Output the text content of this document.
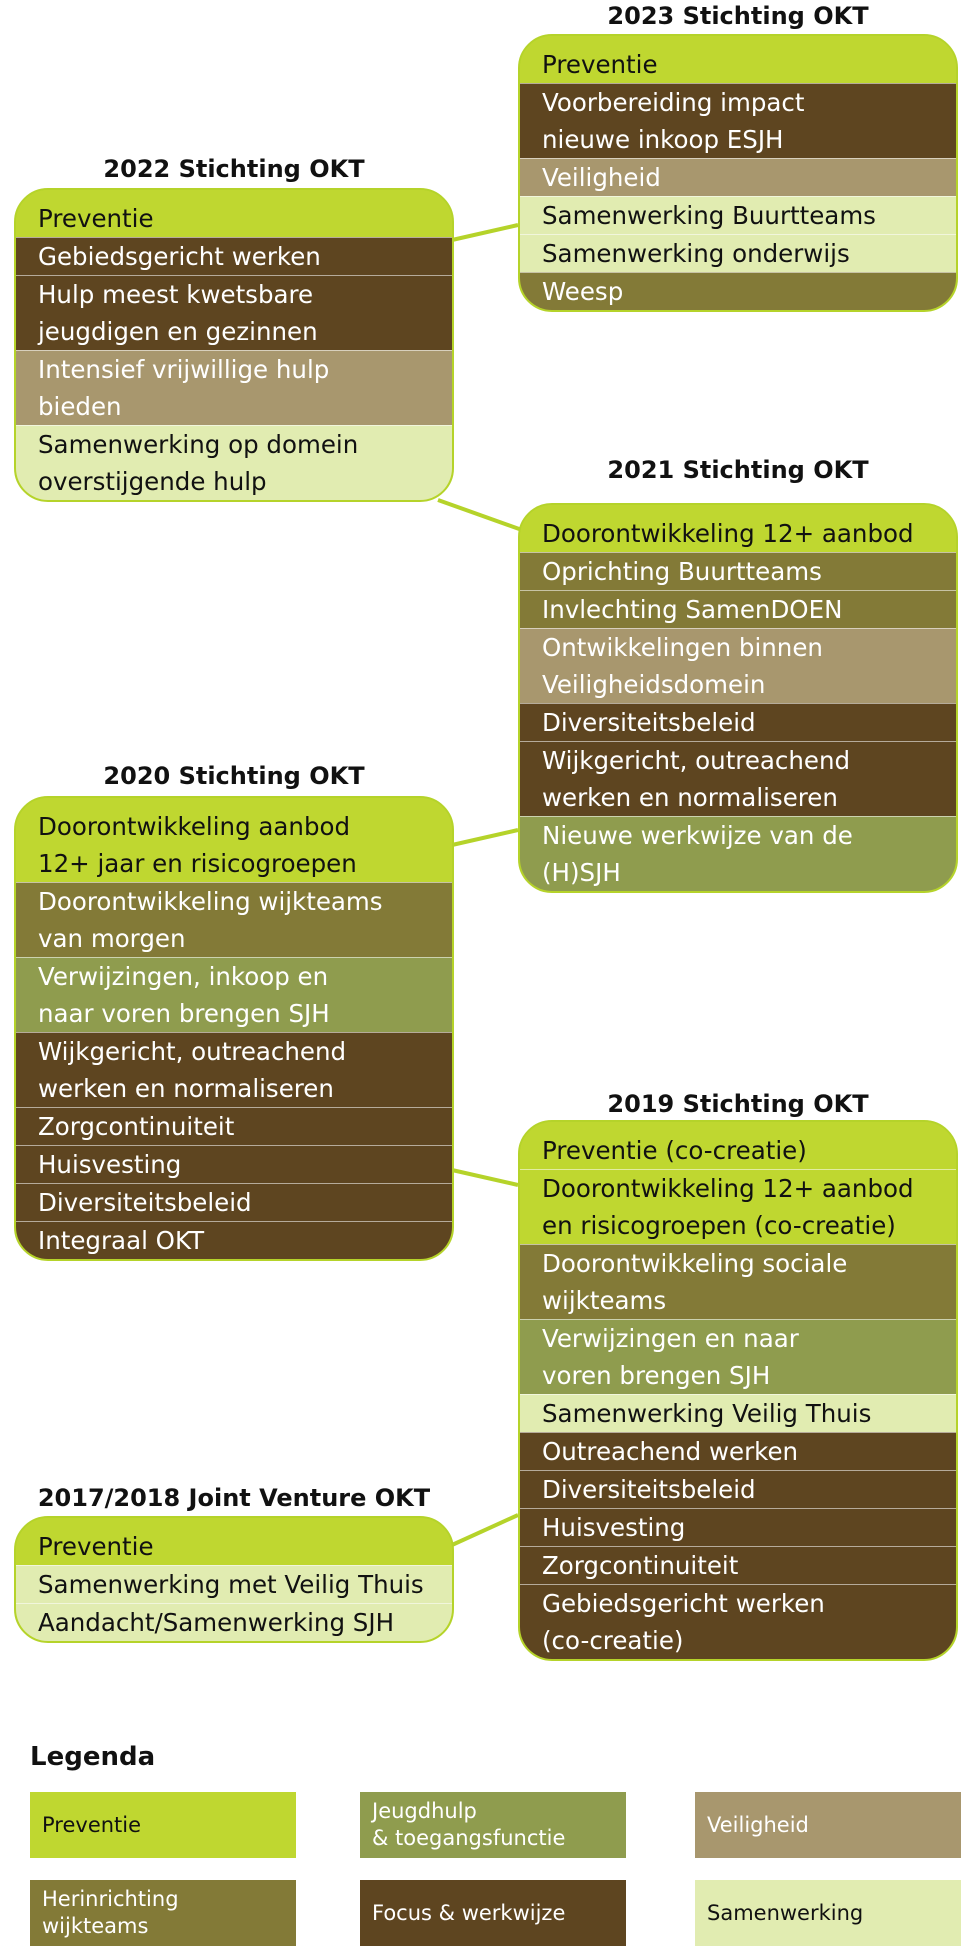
2023 Stichting OKT
Preventie
Voorbereiding impact
nieuwe inkoop ESJH
Veiligheid
Samenwerking Buurtteams
Samenwerking onderwijs
Weesp
2022 Stichting OKT
Preventie
Gebiedsgericht werken
Hulp meest kwetsbare
jeugdigen en gezinnen
Intensief vrijwillige hulp
bieden
Samenwerking op domein
overstijgende hulp	2021 Stichting OKT
Doorontwikkeling 12+ aanbod
Oprichting Buurtteams
Invlechting SamenDOEN
Ontwikkelingen binnen
Veiligheidsdomein
Diversiteitsbeleid
Wijkgericht, outreachend
werken en normaliseren
Nieuwe werkwijze van de
(H)SJH
2020 Stichting OKT
Doorontwikkeling aanbod
12+ jaar en risicogroepen
Doorontwikkeling wijkteams
van morgen
Verwijzingen, inkoop en
naar voren brengen SJH
Wijkgericht, outreachend
werken en normaliseren
Zorgcontinuiteit
Huisvesting
Diversiteitsbeleid
Integraal OKT
2019 Stichting OKT
Preventie (co-creatie)
Doorontwikkeling 12+ aanbod
en risicogroepen (co-creatie)
Doorontwikkeling sociale
wijkteams
Verwijzingen en naar
voren brengen SJH
Samenwerking Veilig Thuis
Outreachend werken
Diversiteitsbeleid
Huisvesting
Zorgcontinuiteit
Gebiedsgericht werken
(co-creatie)
2017/2018 Joint Venture OKT
Preventie
Samenwerking met Veilig Thuis
Aandacht/Samenwerking SJH
Legenda
Preventie
Jeugdhulp
& toegangsfunctie
Veiligheid
Herinrichting
wijkteams
Focus & werkwijze	Samenwerking
